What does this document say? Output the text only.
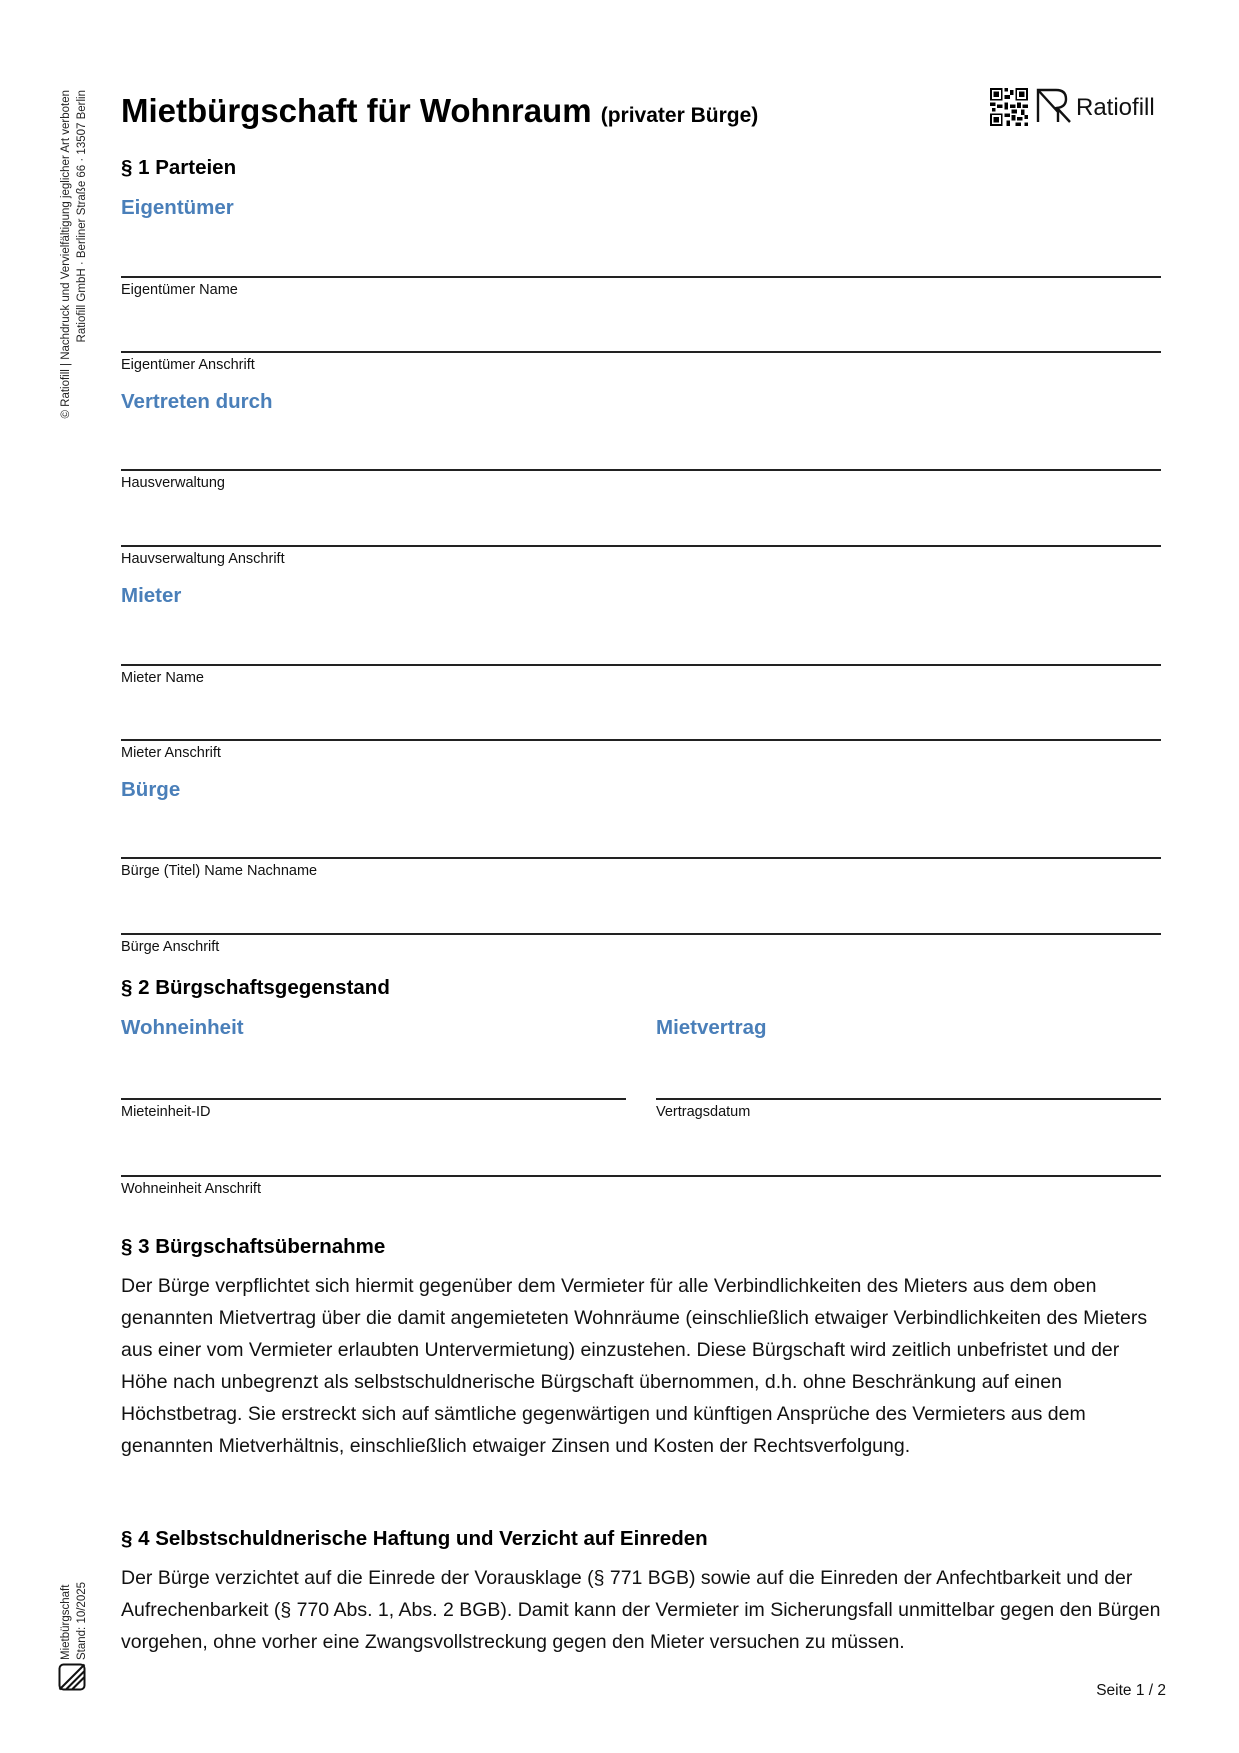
© Ratiofill | Nachdruck und Vervielfältigung jeglicher Art verboten Ratiofill GmbH · Berliner Straße 66 · 13507 Berlin
Mietbürgschaft Stand: 10/2025
Mietbürgschaft für Wohnraum (privater Bürge)	Ratiofill
§ 1 Parteien
Eigentümer
Eigentümer Name
Eigentümer Anschrift
Vertreten durch
Hausverwaltung
Hauvserwaltung Anschrift
Mieter
Mieter Name
Mieter Anschrift
Bürge
Bürge (Titel) Name Nachname
Bürge Anschrift
§ 2 Bürgschaftsgegenstand
Wohneinheit	Mietvertrag
Mieteinheit-ID	Vertragsdatum
Wohneinheit Anschrift
§ 3 Bürgschaftsübernahme
Der Bürge verpflichtet sich hiermit gegenüber dem Vermieter für alle Verbindlichkeiten des Mieters aus dem oben genannten Mietvertrag über die damit angemieteten Wohnräume (einschließlich etwaiger Verbindlichkeiten des Mieters aus einer vom Vermieter erlaubten Untervermietung) einzustehen. Diese Bürgschaft wird zeitlich unbefristet und der Höhe nach unbegrenzt als selbstschuldnerische Bürgschaft übernommen, d.h. ohne Beschränkung auf einen Höchstbetrag. Sie erstreckt sich auf sämtliche gegenwärtigen und künftigen Ansprüche des Vermieters aus dem genannten Mietverhältnis, einschließlich etwaiger Zinsen und Kosten der Rechtsverfolgung.
§ 4 Selbstschuldnerische Haftung und Verzicht auf Einreden
Der Bürge verzichtet auf die Einrede der Vorausklage (§ 771 BGB) sowie auf die Einreden der Anfechtbarkeit und der Aufrechenbarkeit (§ 770 Abs. 1, Abs. 2 BGB). Damit kann der Vermieter im Sicherungsfall unmittelbar gegen den Bürgen vorgehen, ohne vorher eine Zwangsvollstreckung gegen den Mieter versuchen zu müssen.
Seite 1 / 2
